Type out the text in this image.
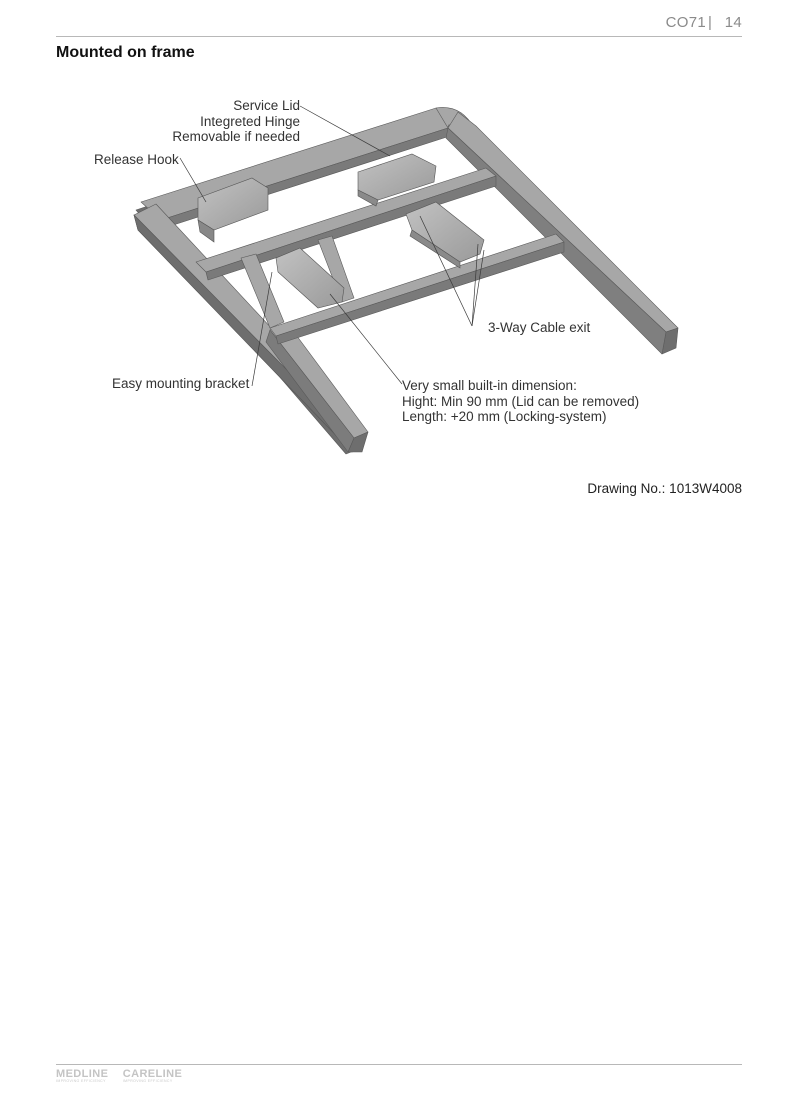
CO71 | 14
Mounted on frame
Service Lid
Integreted Hinge
Removable if needed
Release Hook
3-Way Cable exit
Easy mounting bracket	Very small built-in dimension:
Hight: Min 90 mm (Lid can be removed)
Length: +20 mm (Locking-system)
Drawing No.: 1013W4008
MEDLINE
IMPROVING EFFICIENCY

CARELINE
IMPROVING EFFICIENCY
